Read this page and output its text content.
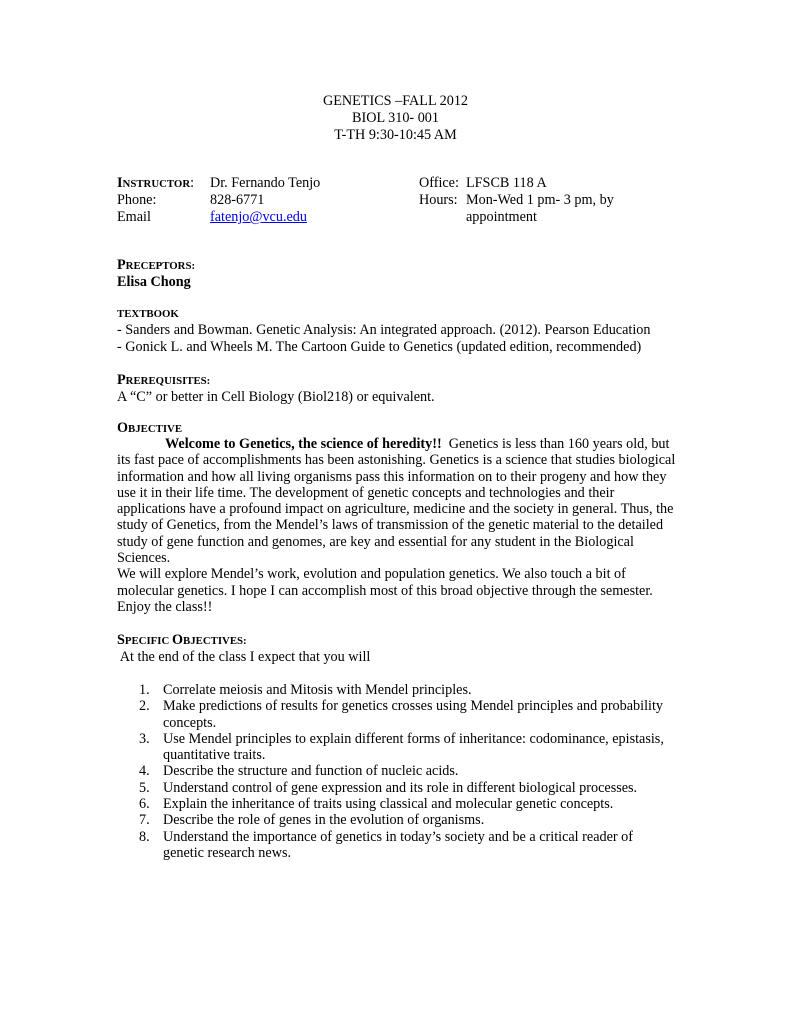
GENETICS –FALL 2012
BIOL 310- 001
T-TH 9:30-10:45 AM
INSTRUCTOR: Dr. Fernando Tenjo
Phone:	828-6771
Email	fatenjo@vcu.edu
Office: LFSCB 118 A
Hours: Mon-Wed 1 pm- 3 pm, by
appointment
PRECEPTORS:
Elisa Chong
TEXTBOOK
- Sanders and Bowman. Genetic Analysis: An integrated approach. (2012). Pearson Education
- Gonick L. and Wheels M. The Cartoon Guide to Genetics (updated edition, recommended)
PREREQUISITES:
A “C” or better in Cell Biology (Biol218) or equivalent.
OBJECTIVE

Welcome to Genetics, the science of heredity!! Genetics is less than 160 years old, but its fast pace of accomplishments has been astonishing. Genetics is a science that studies biological information and how all living organisms pass this information on to their progeny and how they use it in their life time. The development of genetic concepts and technologies and their applications have a profound impact on agriculture, medicine and the society in general. Thus, the study of Genetics, from the Mendel’s laws of transmission of the genetic material to the detailed study of gene function and genomes, are key and essential for any student in the Biological Sciences.

We will explore Mendel’s work, evolution and population genetics. We also touch a bit of molecular genetics. I hope I can accomplish most of this broad objective through the semester. Enjoy the class!!

SPECIFIC OBJECTIVES:
At the end of the class I expect that you will
1. Correlate meiosis and Mitosis with Mendel principles.
2. Make predictions of results for genetics crosses using Mendel principles and probability concepts.
3. Use Mendel principles to explain different forms of inheritance: codominance, epistasis, quantitative traits.
4. Describe the structure and function of nucleic acids.
5. Understand control of gene expression and its role in different biological processes.
6. Explain the inheritance of traits using classical and molecular genetic concepts.
7. Describe the role of genes in the evolution of organisms.
8. Understand the importance of genetics in today’s society and be a critical reader of genetic research news.
